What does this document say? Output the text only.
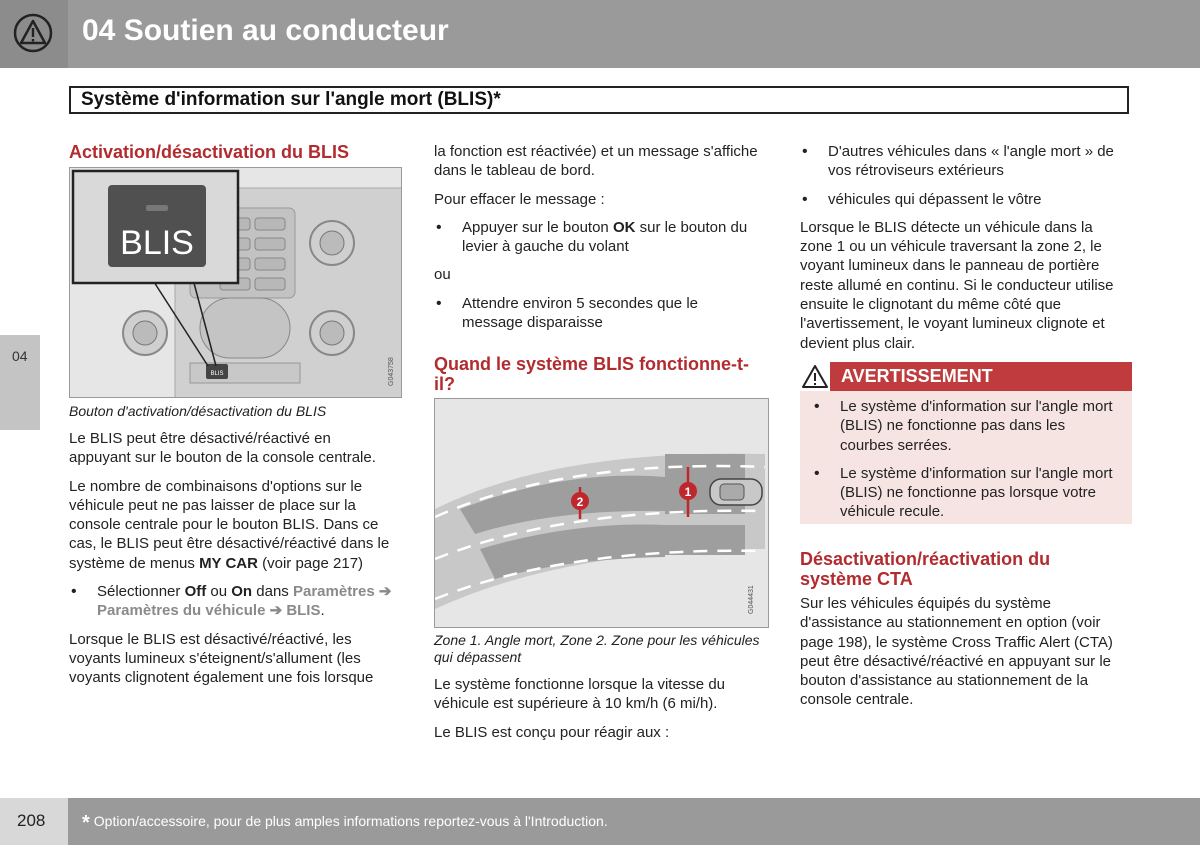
04 Soutien au conducteur
04
Système d'information sur l'angle mort (BLIS)*
Activation/désactivation du BLIS
BLIS
BLIS
G043758

Bouton d'activation/désactivation du BLIS

Le BLIS peut être désactivé/réactivé en appuyant sur le bouton de la console centrale.

Le nombre de combinaisons d'options sur le véhicule peut ne pas laisser de place sur la console centrale pour le bouton BLIS. Dans ce cas, le BLIS peut être désactivé/réactivé dans le système de menus MY CAR (voir page 217)

• Sélectionner Off ou On dans Paramètres ➔ Paramètres du véhicule ➔ BLIS.

Lorsque le BLIS est désactivé/réactivé, les voyants lumineux s'éteignent/s'allument (les voyants clignotent également une fois lorsque

la fonction est réactivée) et un message s'affiche dans le tableau de bord.

Pour effacer le message :

• Appuyer sur le bouton OK sur le bouton du levier à gauche du volant

ou

• Attendre environ 5 secondes que le message disparaisse
Quand le système BLIS fonctionne-t-il?
1
2
G044431

Zone 1. Angle mort, Zone 2. Zone pour les véhicules qui dépassent

Le système fonctionne lorsque la vitesse du véhicule est supérieure à 10 km/h (6 mi/h).

Le BLIS est conçu pour réagir aux :

• D'autres véhicules dans « l'angle mort » de vos rétroviseurs extérieurs
• véhicules qui dépassent le vôtre

Lorsque le BLIS détecte un véhicule dans la zone 1 ou un véhicule traversant la zone 2, le voyant lumineux dans le panneau de portière reste allumé en continu. Si le conducteur utilise ensuite le clignotant du même côté que l'avertissement, le voyant lumineux clignote et devient plus clair.

AVERTISSEMENT
• Le système d'information sur l'angle mort (BLIS) ne fonctionne pas dans les courbes serrées.
• Le système d'information sur l'angle mort (BLIS) ne fonctionne pas lorsque votre véhicule recule.
Désactivation/réactivation du système CTA

Sur les véhicules équipés du système d'assistance au stationnement en option (voir page 198), le système Cross Traffic Alert (CTA) peut être désactivé/réactivé en appuyant sur le bouton d'assistance au stationnement de la console centrale.

208 * Option/accessoire, pour de plus amples informations reportez-vous à l'Introduction.
